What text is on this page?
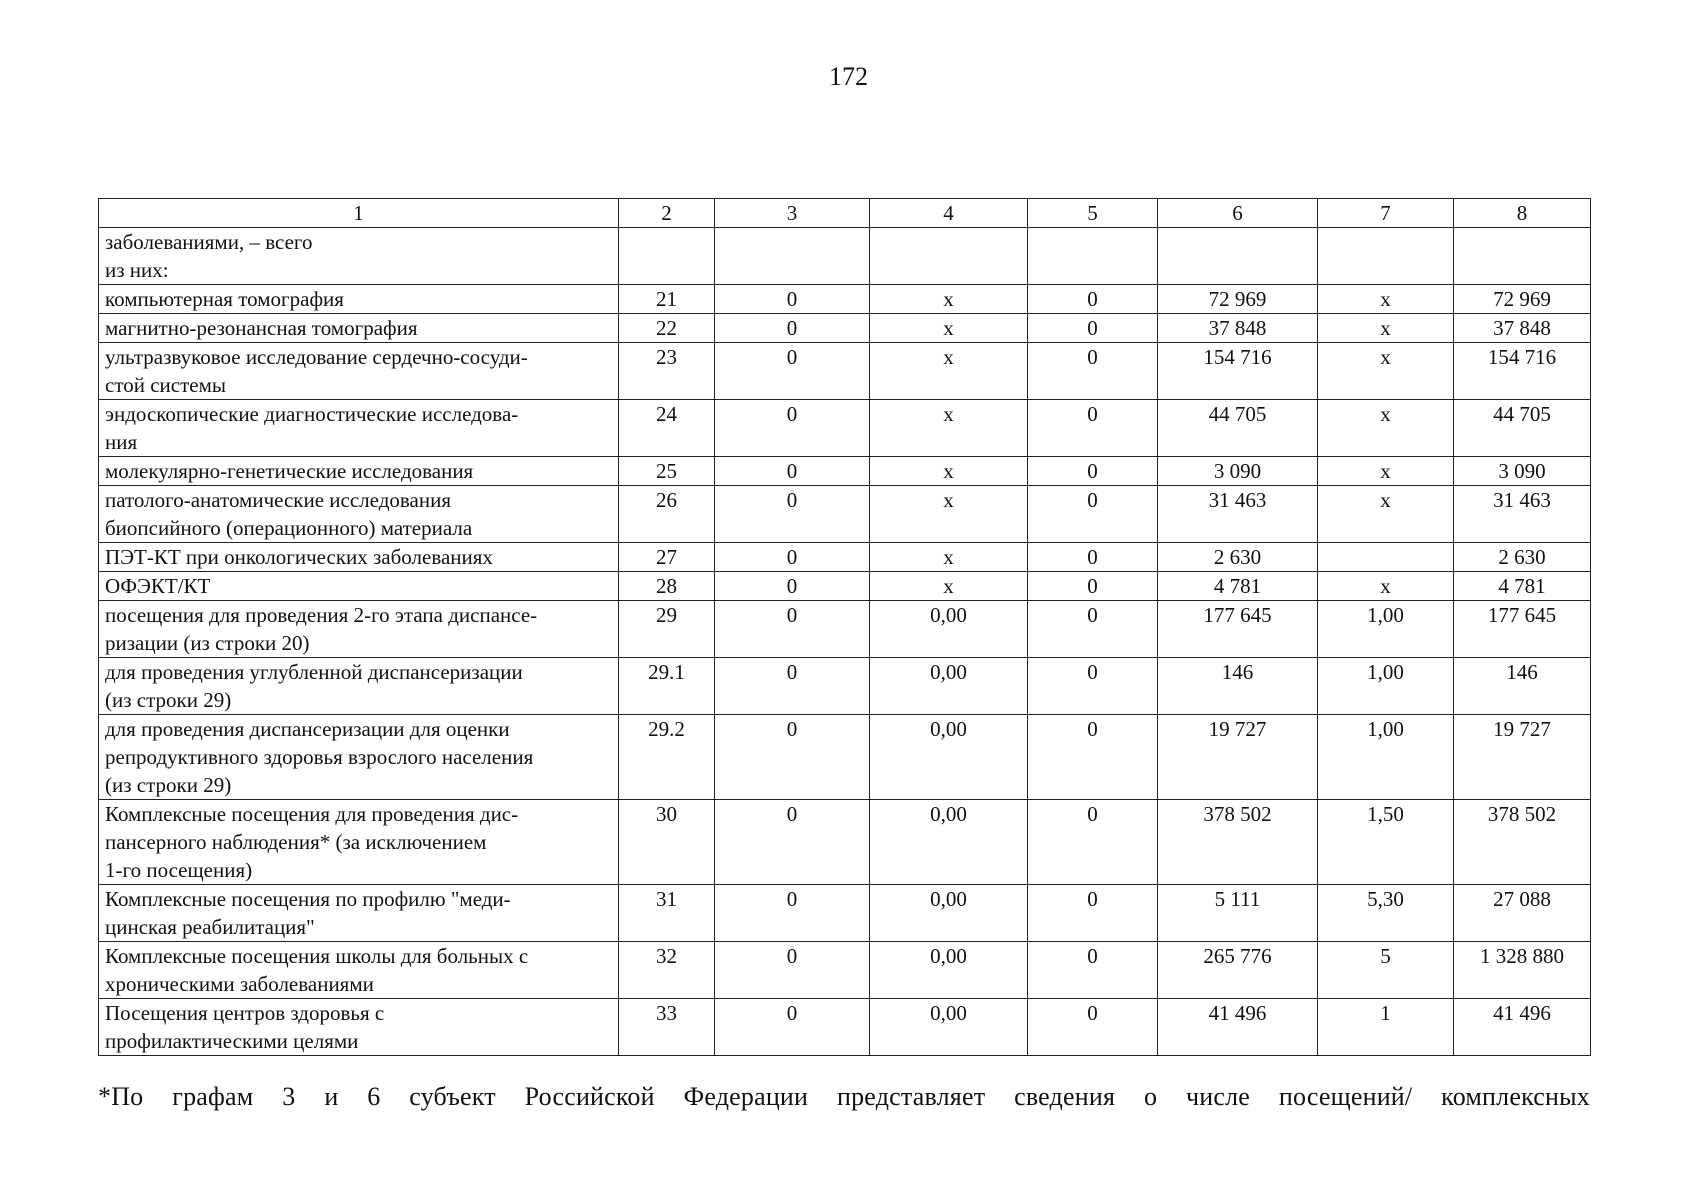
172
1	2	3	4	5	6	7	8
заболеваниями, – всего
из них:							
компьютерная томография	21	0	х	0	72 969	х	72 969
магнитно-резонансная томография	22	0	х	0	37 848	х	37 848
ультразвуковое исследование сердечно-сосуди-
стой системы	23	0	х	0	154 716	х	154 716
эндоскопические диагностические исследова-
ния	24	0	х	0	44 705	х	44 705
молекулярно-генетические исследования	25	0	х	0	3 090	х	3 090
патолого-анатомические исследования
биопсийного (операционного) материала	26	0	х	0	31 463	х	31 463
ПЭТ-КТ при онкологических заболеваниях	27	0	х	0	2 630		2 630
ОФЭКТ/КТ	28	0	х	0	4 781	х	4 781
посещения для проведения 2-го этапа диспансе-
ризации (из строки 20)	29	0	0,00	0	177 645	1,00	177 645
для проведения углубленной диспансеризации
(из строки 29)	29.1	0	0,00	0	146	1,00	146
для проведения диспансеризации для оценки
репродуктивного здоровья взрослого населения
(из строки 29)	29.2	0	0,00	0	19 727	1,00	19 727
Комплексные посещения для проведения дис-
пансерного наблюдения* (за исключением
1-го посещения)	30	0	0,00	0	378 502	1,50	378 502
Комплексные посещения по профилю "меди-
цинская реабилитация"	31	0	0,00	0	5 111	5,30	27 088
Комплексные посещения школы для больных с
хроническими заболеваниями	32	0	0,00	0	265 776	5	1 328 880
Посещения центров здоровья с
профилактическими целями	33	0	0,00	0	41 496	1	41 496
*По графам 3 и 6 субъект Российской Федерации представляет сведения о числе посещений/ комплексных
